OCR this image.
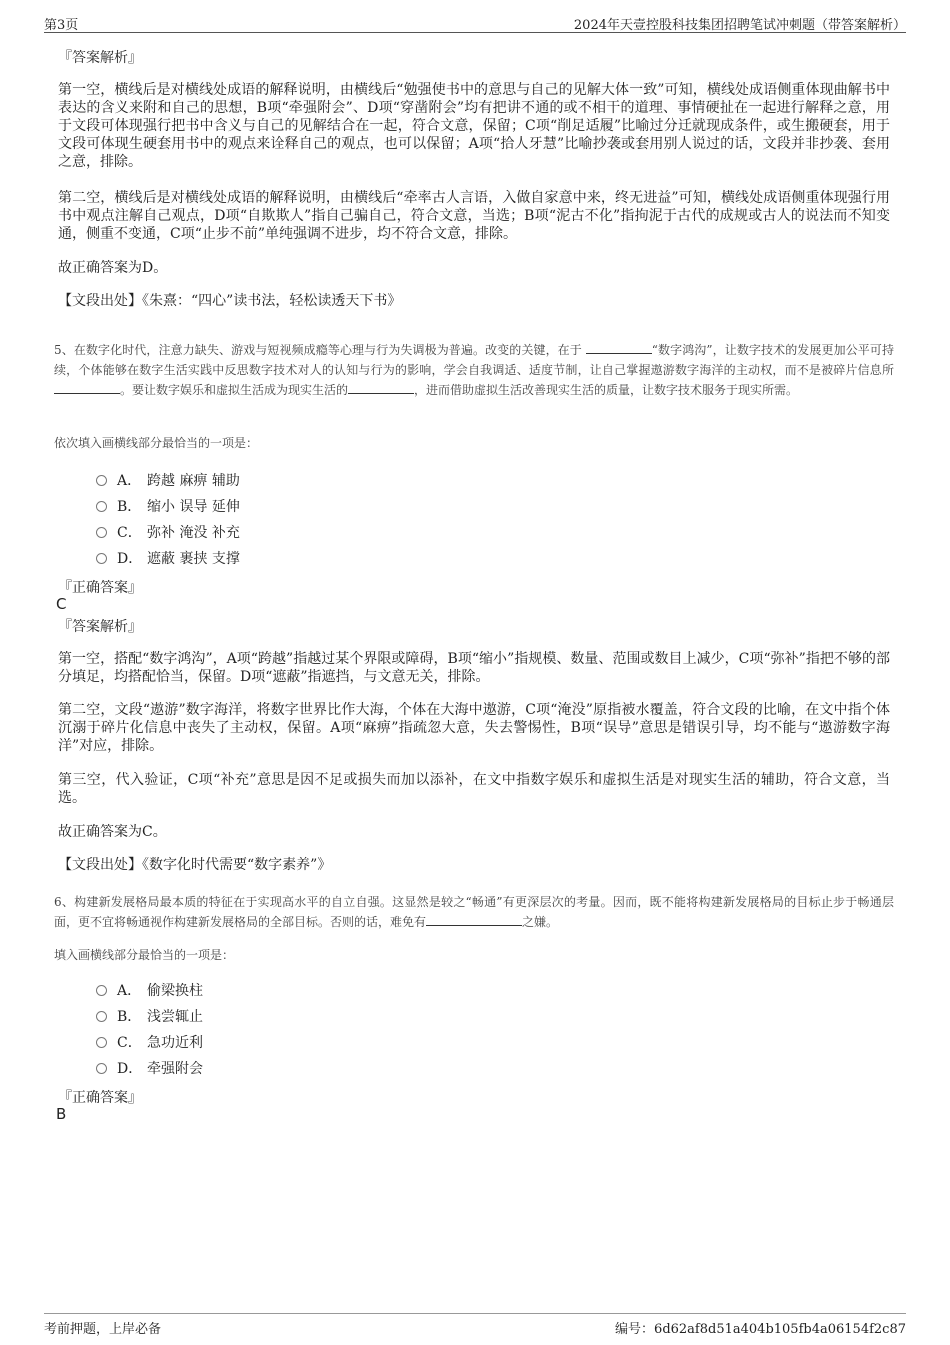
第3页	2024年天壹控股科技集团招聘笔试冲刺题（带答案解析）
『答案解析』
第一空，横线后是对横线处成语的解释说明，由横线后“勉强使书中的意思与自己的见解大体一致”可知，横线处成语侧重体现曲解书中表达的含义来附和自己的思想，B项“牵强附会”、D项“穿凿附会”均有把讲不通的或不相干的道理、事情硬扯在一起进行解释之意，用于文段可体现强行把书中含义与自己的见解结合在一起，符合文意，保留；C项“削足适履”比喻过分迁就现成条件，或生搬硬套，用于文段可体现生硬套用书中的观点来诠释自己的观点，也可以保留；A项“拾人牙慧”比喻抄袭或套用别人说过的话，文段并非抄袭、套用之意，排除。
第二空，横线后是对横线处成语的解释说明，由横线后“牵率古人言语，入做自家意中来，终无进益”可知，横线处成语侧重体现强行用书中观点注解自己观点，D项“自欺欺人”指自己骗自己，符合文意，当选；B项“泥古不化”指拘泥于古代的成规或古人的说法而不知变通，侧重不变通，C项“止步不前”单纯强调不进步，均不符合文意，排除。
故正确答案为D。
【文段出处】《朱熹：“四心”读书法，轻松读透天下书》
5、在数字化时代，注意力缺失、游戏与短视频成瘾等心理与行为失调极为普遍。改变的关键，在于	“数字鸿沟”，让数字技术的发展更加公平可持续，个体能够在数字生活实践中反思数字技术对人的认知与行为的影响，学会自我调适、适度节制，让自己掌握遨游数字海洋的主动权，而不是被碎片信息所。要让数字娱乐和虚拟生活成为现实生活的	，进而借助虚拟生活改善现实生活的质量，让数字技术服务于现实所需。
依次填入画横线部分最恰当的一项是：
A． 跨越 麻痹 辅助
B． 缩小 误导 延伸
C． 弥补 淹没 补充
D． 遮蔽 裹挟 支撑
『正确答案』
C
『答案解析』
第一空，搭配“数字鸿沟”，A项“跨越”指越过某个界限或障碍，B项“缩小”指规模、数量、范围或数目上减少，C项“弥补”指把不够的部分填足，均搭配恰当，保留。D项“遮蔽”指遮挡，与文意无关，排除。
第二空，文段“遨游”数字海洋，将数字世界比作大海，个体在大海中遨游，C项“淹没”原指被水覆盖，符合文段的比喻，在文中指个体沉溺于碎片化信息中丧失了主动权，保留。A项“麻痹”指疏忽大意，失去警惕性，B项“误导”意思是错误引导，均不能与“遨游数字海洋”对应，排除。
第三空，代入验证，C项“补充”意思是因不足或损失而加以添补，在文中指数字娱乐和虚拟生活是对现实生活的辅助，符合文意，当选。
故正确答案为C。
【文段出处】《数字化时代需要“数字素养”》
6、构建新发展格局最本质的特征在于实现高水平的自立自强。这显然是较之“畅通”有更深层次的考量。因而，既不能将构建新发展格局的目标止步于畅通层面，更不宜将畅通视作构建新发展格局的全部目标。否则的话，难免有	之嫌。
填入画横线部分最恰当的一项是：
A． 偷梁换柱
B． 浅尝辄止
C． 急功近利
D． 牵强附会
『正确答案』
B
考前押题，上岸必备	编号：6d62af8d51a404b105fb4a06154f2c87
